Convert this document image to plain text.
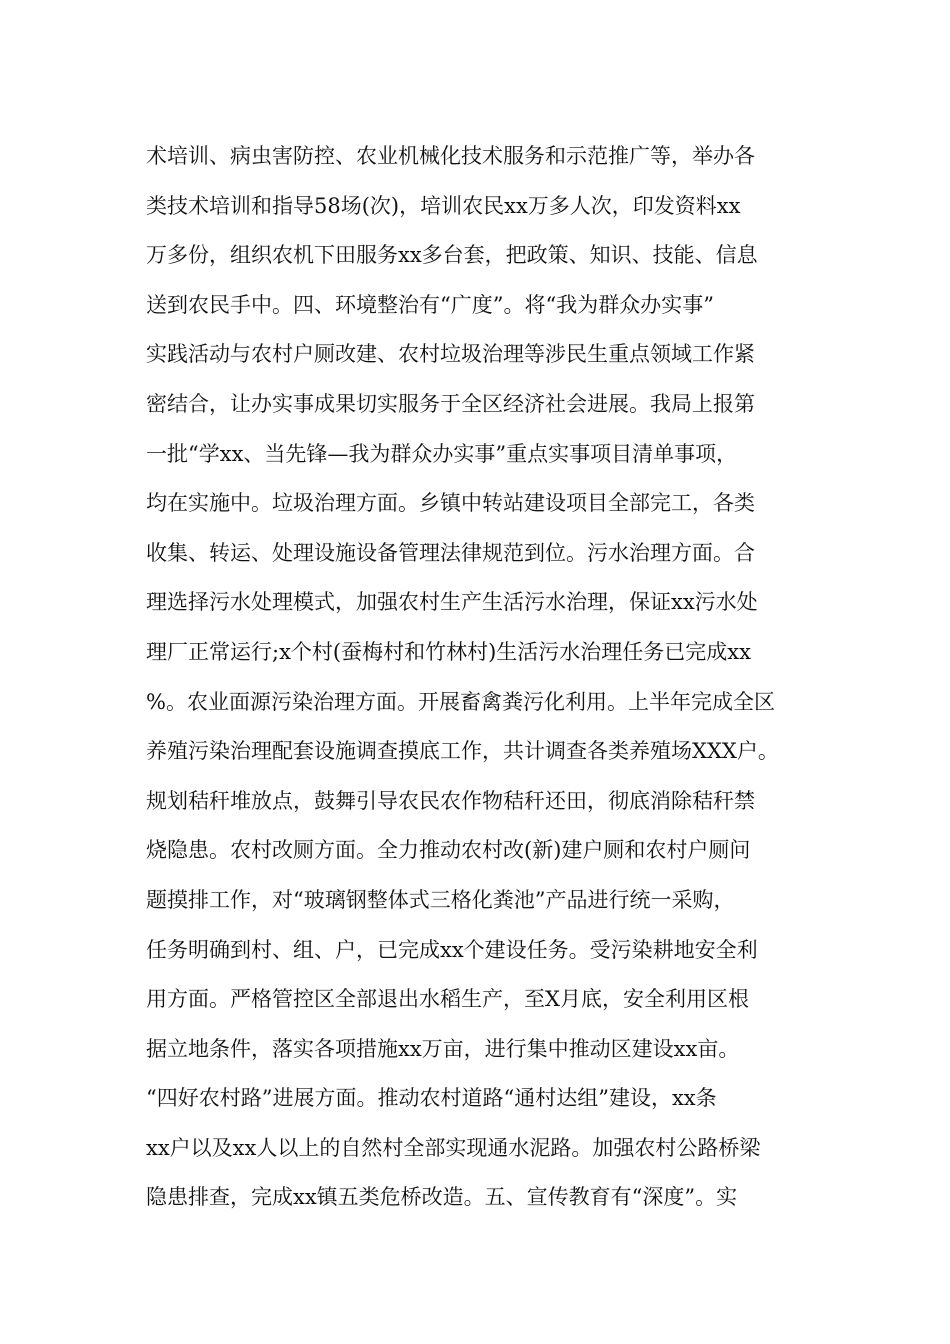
术培训、病虫害防控、农业机械化技术服务和示范推广等，举办各
类技术培训和指导58场(次)，培训农民xx万多人次，印发资料xx
万多份，组织农机下田服务xx多台套，把政策、知识、技能、信息
送到农民手中。四、环境整治有“广度”。将“我为群众办实事”
实践活动与农村户厕改建、农村垃圾治理等涉民生重点领域工作紧
密结合，让办实事成果切实服务于全区经济社会进展。我局上报第
一批“学xx、当先锋—我为群众办实事”重点实事项目清单事项，
均在实施中。垃圾治理方面。乡镇中转站建设项目全部完工，各类
收集、转运、处理设施设备管理法律规范到位。污水治理方面。合
理选择污水处理模式，加强农村生产生活污水治理，保证xx污水处
理厂正常运行;x个村(蚕梅村和竹林村)生活污水治理任务已完成xx
%。农业面源污染治理方面。开展畜禽粪污化利用。上半年完成全区
养殖污染治理配套设施调查摸底工作，共计调查各类养殖场XXX户。
规划秸秆堆放点，鼓舞引导农民农作物秸秆还田，彻底消除秸秆禁
烧隐患。农村改厕方面。全力推动农村改(新)建户厕和农村户厕问
题摸排工作，对“玻璃钢整体式三格化粪池”产品进行统一采购，
任务明确到村、组、户，已完成xx个建设任务。受污染耕地安全利
用方面。严格管控区全部退出水稻生产，至X月底，安全利用区根
据立地条件，落实各项措施xx万亩，进行集中推动区建设xx亩。
“四好农村路”进展方面。推动农村道路“通村达组”建设，xx条
xx户以及xx人以上的自然村全部实现通水泥路。加强农村公路桥梁
隐患排查，完成xx镇五类危桥改造。五、宣传教育有“深度”。实
